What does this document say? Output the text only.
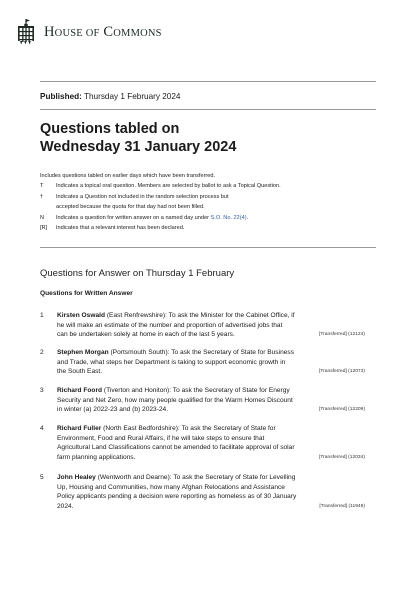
HOUSE OF COMMONS
Published: Thursday 1 February 2024
Questions tabled on
Wednesday 31 January 2024
Includes questions tabled on earlier days which have been transferred.
T	Indicates a topical oral question. Members are selected by ballot to ask a Topical Question.
†	Indicates a Question not included in the random selection process but
accepted because the quota for that day had not been filled.
N	Indicates a question for written answer on a named day under S.O. No. 22(4).
[R]	Indicates that a relevant interest has been declared.
Questions for Answer on Thursday 1 February
Questions for Written Answer
1 Kirsten Oswald (East Renfrewshire): To ask the Minister for the Cabinet Office, if
he will make an estimate of the number and proportion of advertised jobs that
can be undertaken solely at home in each of the last 5 years.	[Transferred] (12124)
2 Stephen Morgan (Portsmouth South): To ask the Secretary of State for Business
and Trade, what steps her Department is taking to support economic growth in
the South East.	[Transferred] (12073)
3 Richard Foord (Tiverton and Honiton): To ask the Secretary of State for Energy
Security and Net Zero, how many people qualified for the Warm Homes Discount
in winter (a) 2022-23 and (b) 2023-24.	[Transferred] (12209)
4 Richard Fuller (North East Bedfordshire): To ask the Secretary of State for
Environment, Food and Rural Affairs, if he will take steps to ensure that
Agricultural Land Classifications cannot be amended to facilitate approval of solar
farm planning applications.	[Transferred] (12034)
5 John Healey (Wentworth and Dearne): To ask the Secretary of State for Levelling
Up, Housing and Communities, how many Afghan Relocations and Assistance
Policy applicants pending a decision were reporting as homeless as of 30 January
2024.	[Transferred] (11949)
